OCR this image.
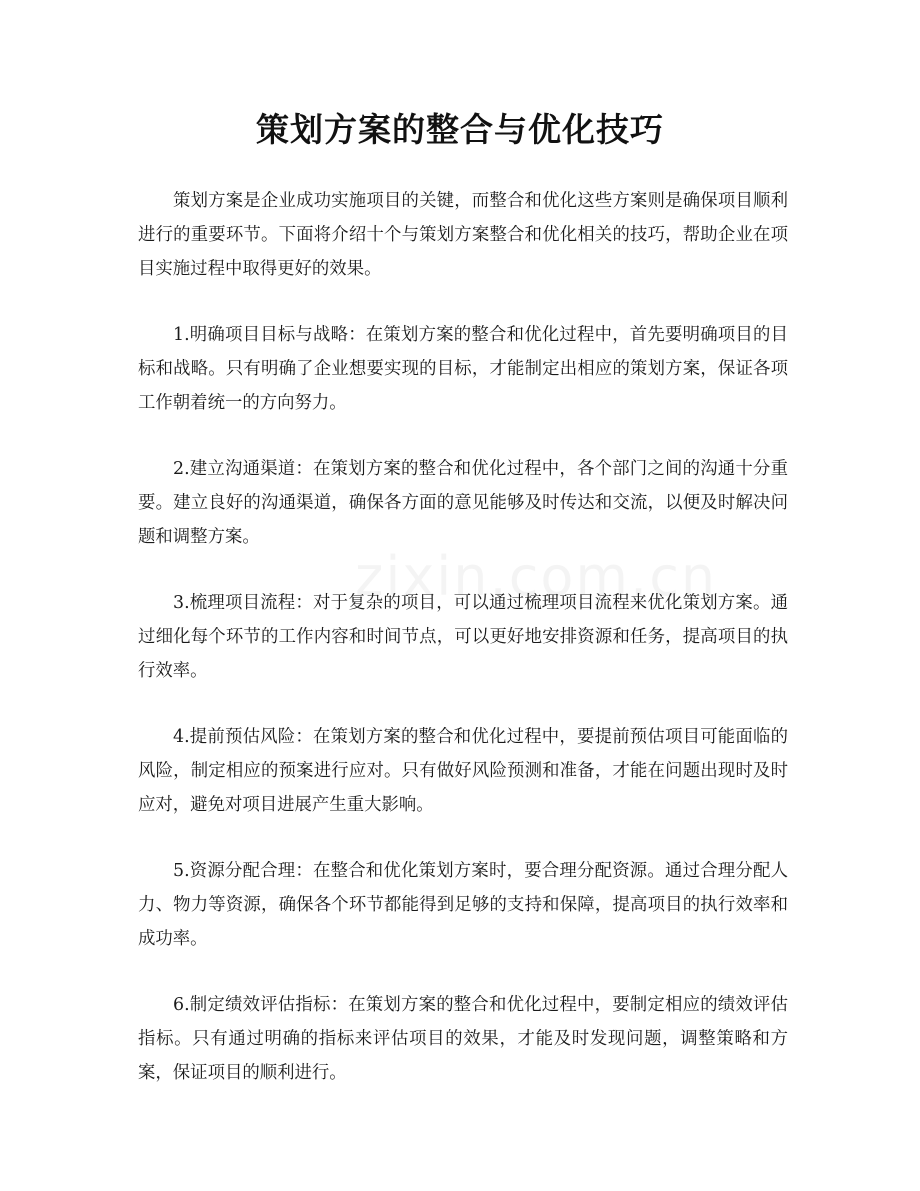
策划方案的整合与优化技巧

策划方案是企业成功实施项目的关键，而整合和优化这些方案则是确保项目顺利进行的重要环节。下面将介绍十个与策划方案整合和优化相关的技巧，帮助企业在项目实施过程中取得更好的效果。

1.明确项目目标与战略：在策划方案的整合和优化过程中，首先要明确项目的目标和战略。只有明确了企业想要实现的目标，才能制定出相应的策划方案，保证各项工作朝着统一的方向努力。

2.建立沟通渠道：在策划方案的整合和优化过程中，各个部门之间的沟通十分重要。建立良好的沟通渠道，确保各方面的意见能够及时传达和交流，以便及时解决问题和调整方案。

3.梳理项目流程：对于复杂的项目，可以通过梳理项目流程来优化策划方案。通过细化每个环节的工作内容和时间节点，可以更好地安排资源和任务，提高项目的执行效率。

4.提前预估风险：在策划方案的整合和优化过程中，要提前预估项目可能面临的风险，制定相应的预案进行应对。只有做好风险预测和准备，才能在问题出现时及时应对，避免对项目进展产生重大影响。

5.资源分配合理：在整合和优化策划方案时，要合理分配资源。通过合理分配人力、物力等资源，确保各个环节都能得到足够的支持和保障，提高项目的执行效率和成功率。

6.制定绩效评估指标：在策划方案的整合和优化过程中，要制定相应的绩效评估指标。只有通过明确的指标来评估项目的效果，才能及时发现问题，调整策略和方案，保证项目的顺利进行。
